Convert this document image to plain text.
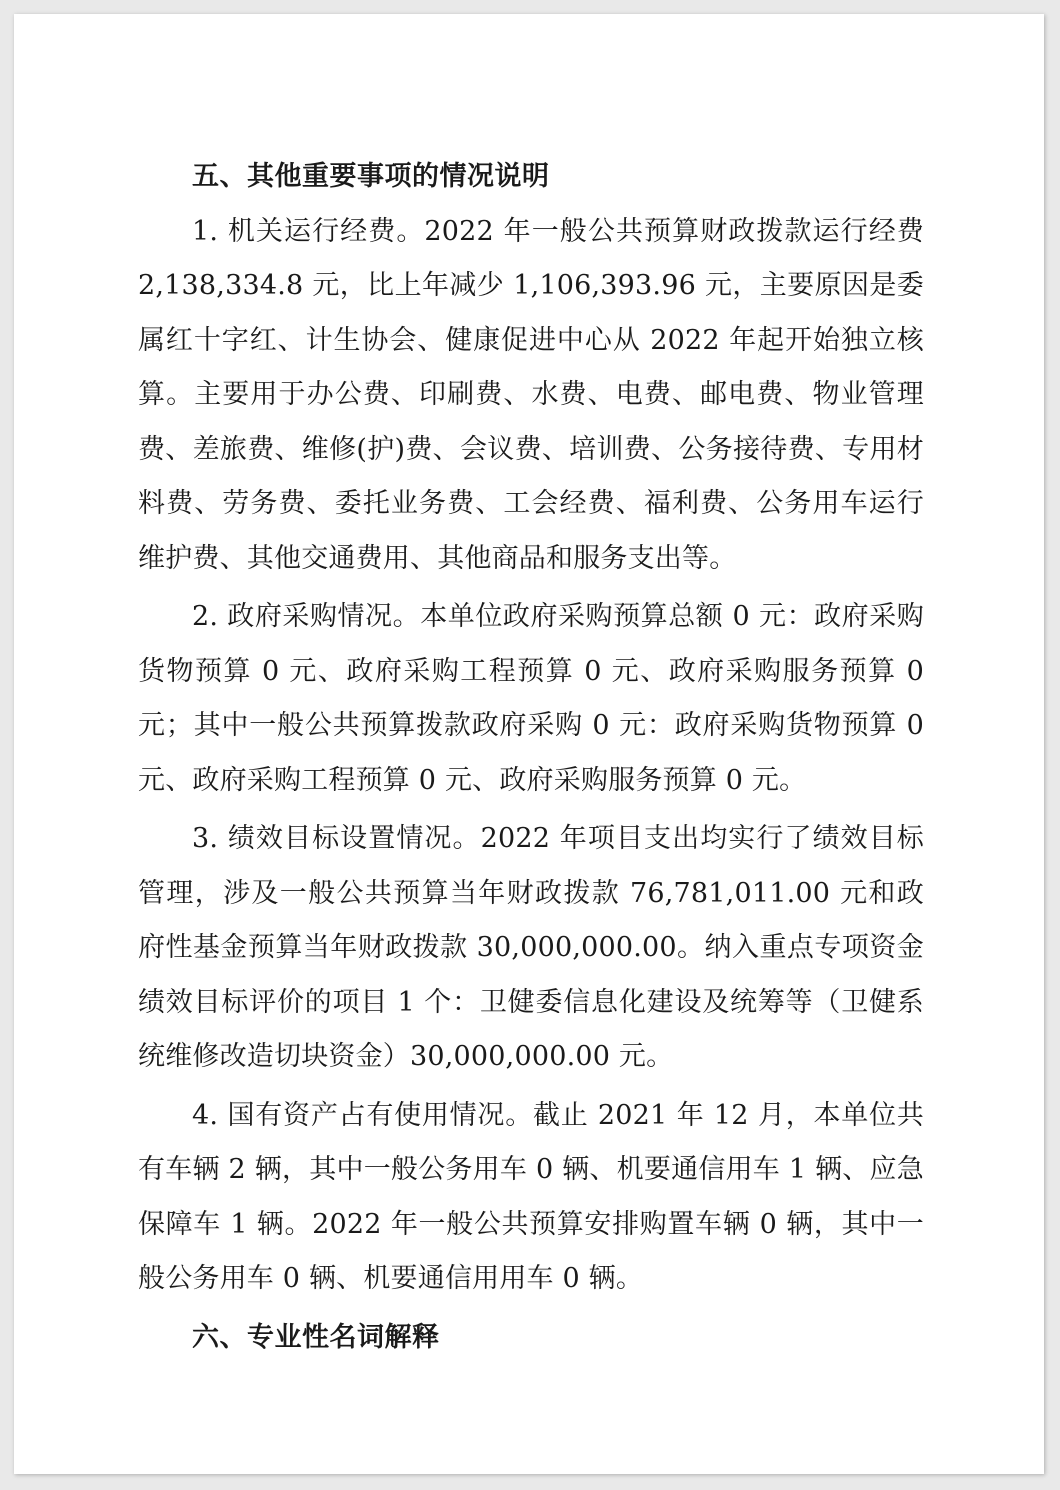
五、其他重要事项的情况说明

1. 机关运行经费。2022 年一般公共预算财政拨款运行经费 2,138,334.8 元，比上年减少 1,106,393.96 元，主要原因是委属红十字红、计生协会、健康促进中心从 2022 年起开始独立核算。主要用于办公费、印刷费、水费、电费、邮电费、物业管理费、差旅费、维修(护)费、会议费、培训费、公务接待费、专用材料费、劳务费、委托业务费、工会经费、福利费、公务用车运行维护费、其他交通费用、其他商品和服务支出等。

2. 政府采购情况。本单位政府采购预算总额 0 元：政府采购货物预算 0 元、政府采购工程预算 0 元、政府采购服务预算 0 元；其中一般公共预算拨款政府采购 0 元：政府采购货物预算 0 元、政府采购工程预算 0 元、政府采购服务预算 0 元。

3. 绩效目标设置情况。2022 年项目支出均实行了绩效目标管理，涉及一般公共预算当年财政拨款 76,781,011.00 元和政府性基金预算当年财政拨款 30,000,000.00。纳入重点专项资金绩效目标评价的项目 1 个：卫健委信息化建设及统筹等（卫健系统维修改造切块资金）30,000,000.00 元。

4. 国有资产占有使用情况。截止 2021 年 12 月，本单位共有车辆 2 辆，其中一般公务用车 0 辆、机要通信用车 1 辆、应急保障车 1 辆。2022 年一般公共预算安排购置车辆 0 辆，其中一般公务用车 0 辆、机要通信用用车 0 辆。

六、专业性名词解释
